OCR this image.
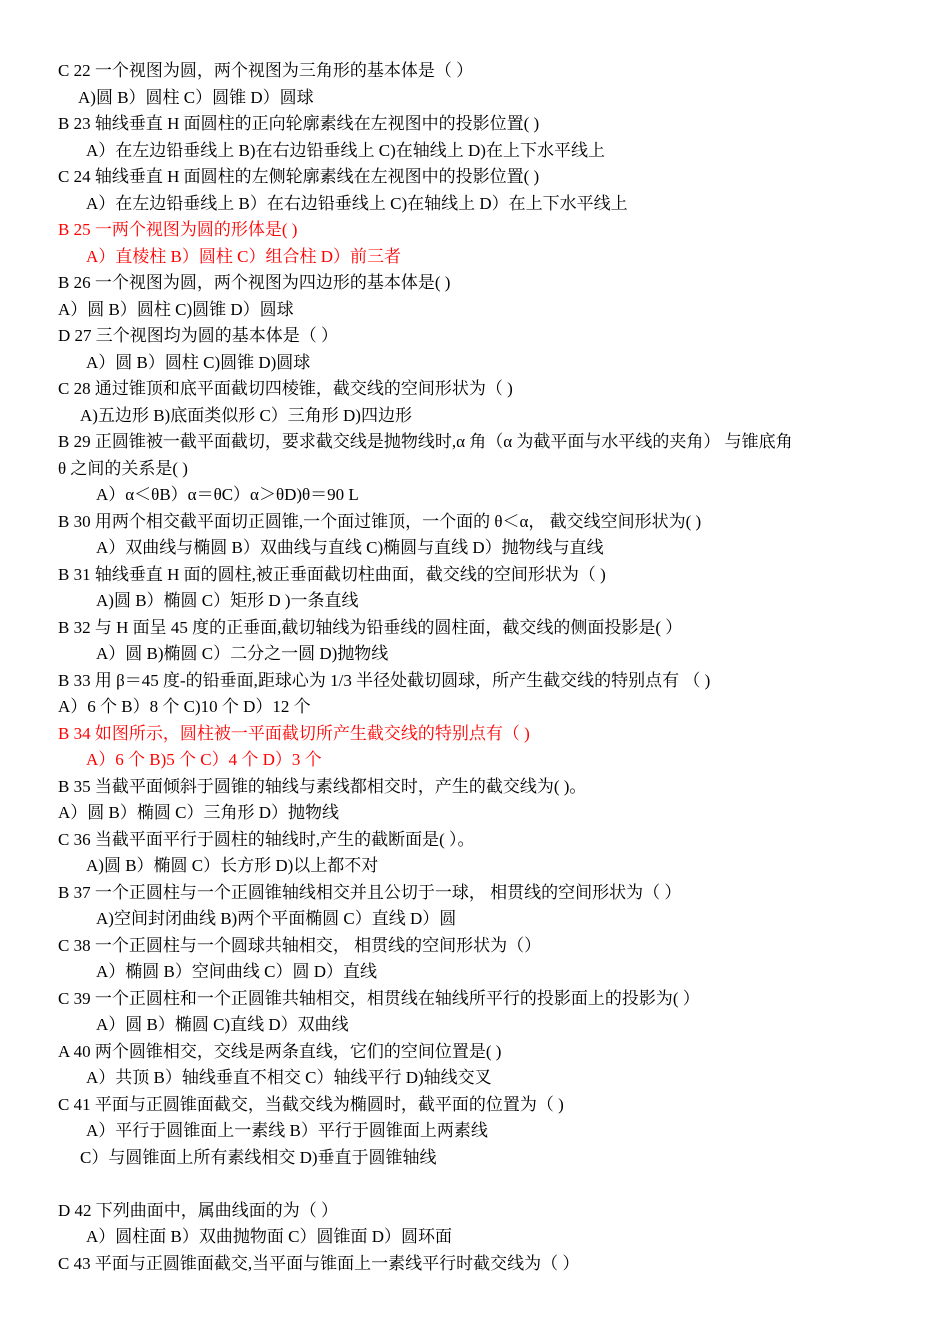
C 22 一个视图为圆，两个视图为三角形的基本体是（ ）
A)圆 B）圆柱 C）圆锥 D）圆球
B 23 轴线垂直 H 面圆柱的正向轮廓素线在左视图中的投影位置( )
A）在左边铅垂线上 B)在右边铅垂线上 C)在轴线上 D)在上下水平线上
C 24 轴线垂直 H 面圆柱的左侧轮廓素线在左视图中的投影位置( )
A）在左边铅垂线上 B）在右边铅垂线上 C)在轴线上 D）在上下水平线上
B 25 一两个视图为圆的形体是( )
A）直棱柱 B）圆柱 C）组合柱 D）前三者
B 26 一个视图为圆，两个视图为四边形的基本体是( )
A）圆 B）圆柱 C)圆锥 D）圆球
D 27 三个视图均为圆的基本体是（ ）
A）圆 B）圆柱 C)圆锥 D)圆球
C 28 通过锥顶和底平面截切四棱锥，截交线的空间形状为（ )
A)五边形 B)底面类似形 C）三角形 D)四边形
B 29 正圆锥被一截平面截切，要求截交线是抛物线时,α 角（α 为截平面与水平线的夹角） 与锥底角
θ 之间的关系是( )
A）α＜θB）α＝θC）α＞θD)θ＝90 L
B 30 用两个相交截平面切正圆锥,一个面过锥顶，一个面的 θ＜α， 截交线空间形状为( )
A）双曲线与椭圆 B）双曲线与直线 C)椭圆与直线 D）抛物线与直线
B 31 轴线垂直 H 面的圆柱,被正垂面截切柱曲面，截交线的空间形状为（ )
A)圆 B）椭圆 C）矩形 D )一条直线
B 32 与 H 面呈 45 度的正垂面,截切轴线为铅垂线的圆柱面，截交线的侧面投影是( ）
A）圆 B)椭圆 C）二分之一圆 D)抛物线
B 33 用 β＝45 度-的铅垂面,距球心为 1/3 半径处截切圆球，所产生截交线的特别点有 （ )
A）6 个 B）8 个 C)10 个 D）12 个
B 34 如图所示，圆柱被一平面截切所产生截交线的特别点有（ )
A）6 个 B)5 个 C）4 个 D）3 个
B 35 当截平面倾斜于圆锥的轴线与素线都相交时，产生的截交线为( )。
A）圆 B）椭圆 C）三角形 D）抛物线
C 36 当截平面平行于圆柱的轴线时,产生的截断面是( ）。
A)圆 B）椭圆 C）长方形 D)以上都不对
B 37 一个正圆柱与一个正圆锥轴线相交并且公切于一球， 相贯线的空间形状为（ ）
A)空间封闭曲线 B)两个平面椭圆 C）直线 D）圆
C 38 一个正圆柱与一个圆球共轴相交， 相贯线的空间形状为（）
A）椭圆 B）空间曲线 C）圆 D）直线
C 39 一个正圆柱和一个正圆锥共轴相交，相贯线在轴线所平行的投影面上的投影为( ）
A）圆 B）椭圆 C)直线 D）双曲线
A 40 两个圆锥相交，交线是两条直线，它们的空间位置是( )
A）共顶 B）轴线垂直不相交 C）轴线平行 D)轴线交叉
C 41 平面与正圆锥面截交，当截交线为椭圆时，截平面的位置为（ )
A）平行于圆锥面上一素线 B）平行于圆锥面上两素线
C）与圆锥面上所有素线相交 D)垂直于圆锥轴线
D 42 下列曲面中，属曲线面的为（ ）
A）圆柱面 B）双曲抛物面 C）圆锥面 D）圆环面
C 43 平面与正圆锥面截交,当平面与锥面上一素线平行时截交线为（ ）
